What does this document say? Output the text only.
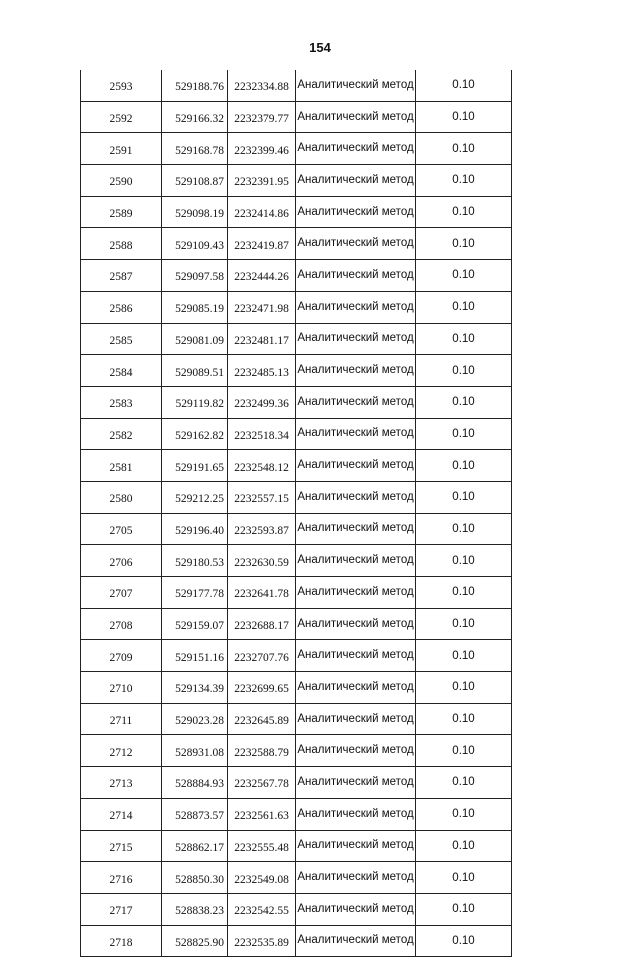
154
2593	529188.76	2232334.88	Аналитический метод	0.10
2592	529166.32	2232379.77	Аналитический метод	0.10
2591	529168.78	2232399.46	Аналитический метод	0.10
2590	529108.87	2232391.95	Аналитический метод	0.10
2589	529098.19	2232414.86	Аналитический метод	0.10
2588	529109.43	2232419.87	Аналитический метод	0.10
2587	529097.58	2232444.26	Аналитический метод	0.10
2586	529085.19	2232471.98	Аналитический метод	0.10
2585	529081.09	2232481.17	Аналитический метод	0.10
2584	529089.51	2232485.13	Аналитический метод	0.10
2583	529119.82	2232499.36	Аналитический метод	0.10
2582	529162.82	2232518.34	Аналитический метод	0.10
2581	529191.65	2232548.12	Аналитический метод	0.10
2580	529212.25	2232557.15	Аналитический метод	0.10
2705	529196.40	2232593.87	Аналитический метод	0.10
2706	529180.53	2232630.59	Аналитический метод	0.10
2707	529177.78	2232641.78	Аналитический метод	0.10
2708	529159.07	2232688.17	Аналитический метод	0.10
2709	529151.16	2232707.76	Аналитический метод	0.10
2710	529134.39	2232699.65	Аналитический метод	0.10
2711	529023.28	2232645.89	Аналитический метод	0.10
2712	528931.08	2232588.79	Аналитический метод	0.10
2713	528884.93	2232567.78	Аналитический метод	0.10
2714	528873.57	2232561.63	Аналитический метод	0.10
2715	528862.17	2232555.48	Аналитический метод	0.10
2716	528850.30	2232549.08	Аналитический метод	0.10
2717	528838.23	2232542.55	Аналитический метод	0.10
2718	528825.90	2232535.89	Аналитический метод	0.10
